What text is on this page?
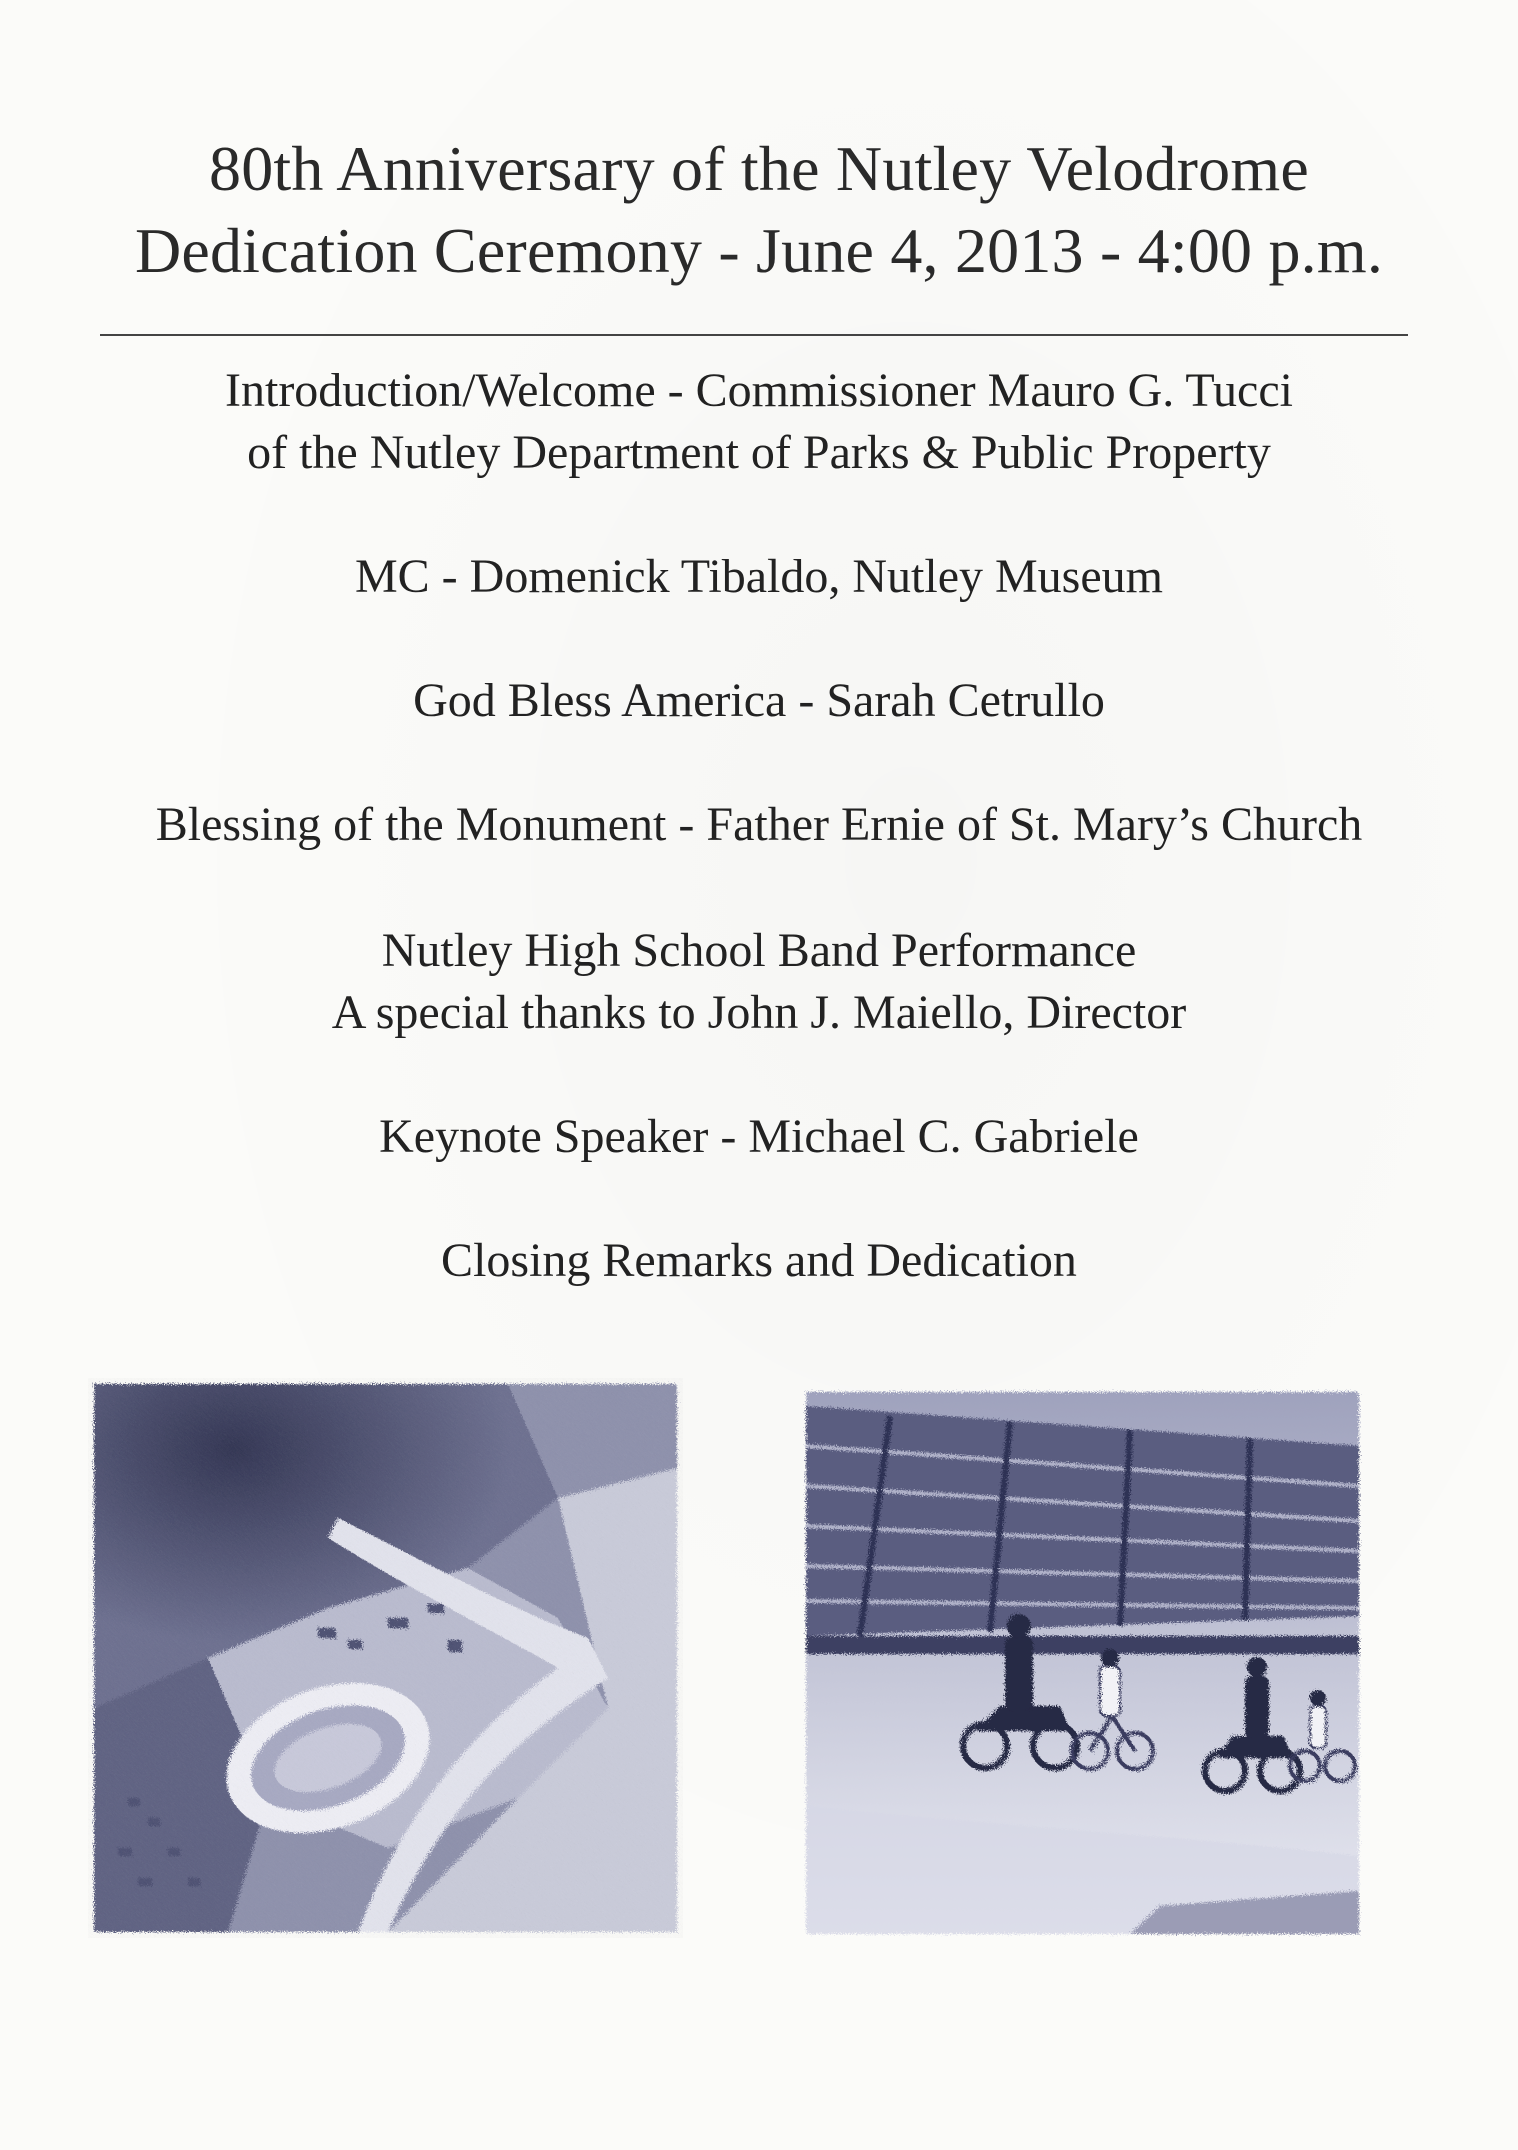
80th Anniversary of the Nutley Velodrome
Dedication Ceremony - June 4, 2013 - 4:00 p.m.
Introduction/Welcome - Commissioner Mauro G. Tucci
of the Nutley Department of Parks & Public Property
MC - Domenick Tibaldo, Nutley Museum
God Bless America - Sarah Cetrullo
Blessing of the Monument - Father Ernie of St. Mary’s Church
Nutley High School Band Performance
A special thanks to John J. Maiello, Director
Keynote Speaker - Michael C. Gabriele
Closing Remarks and Dedication
